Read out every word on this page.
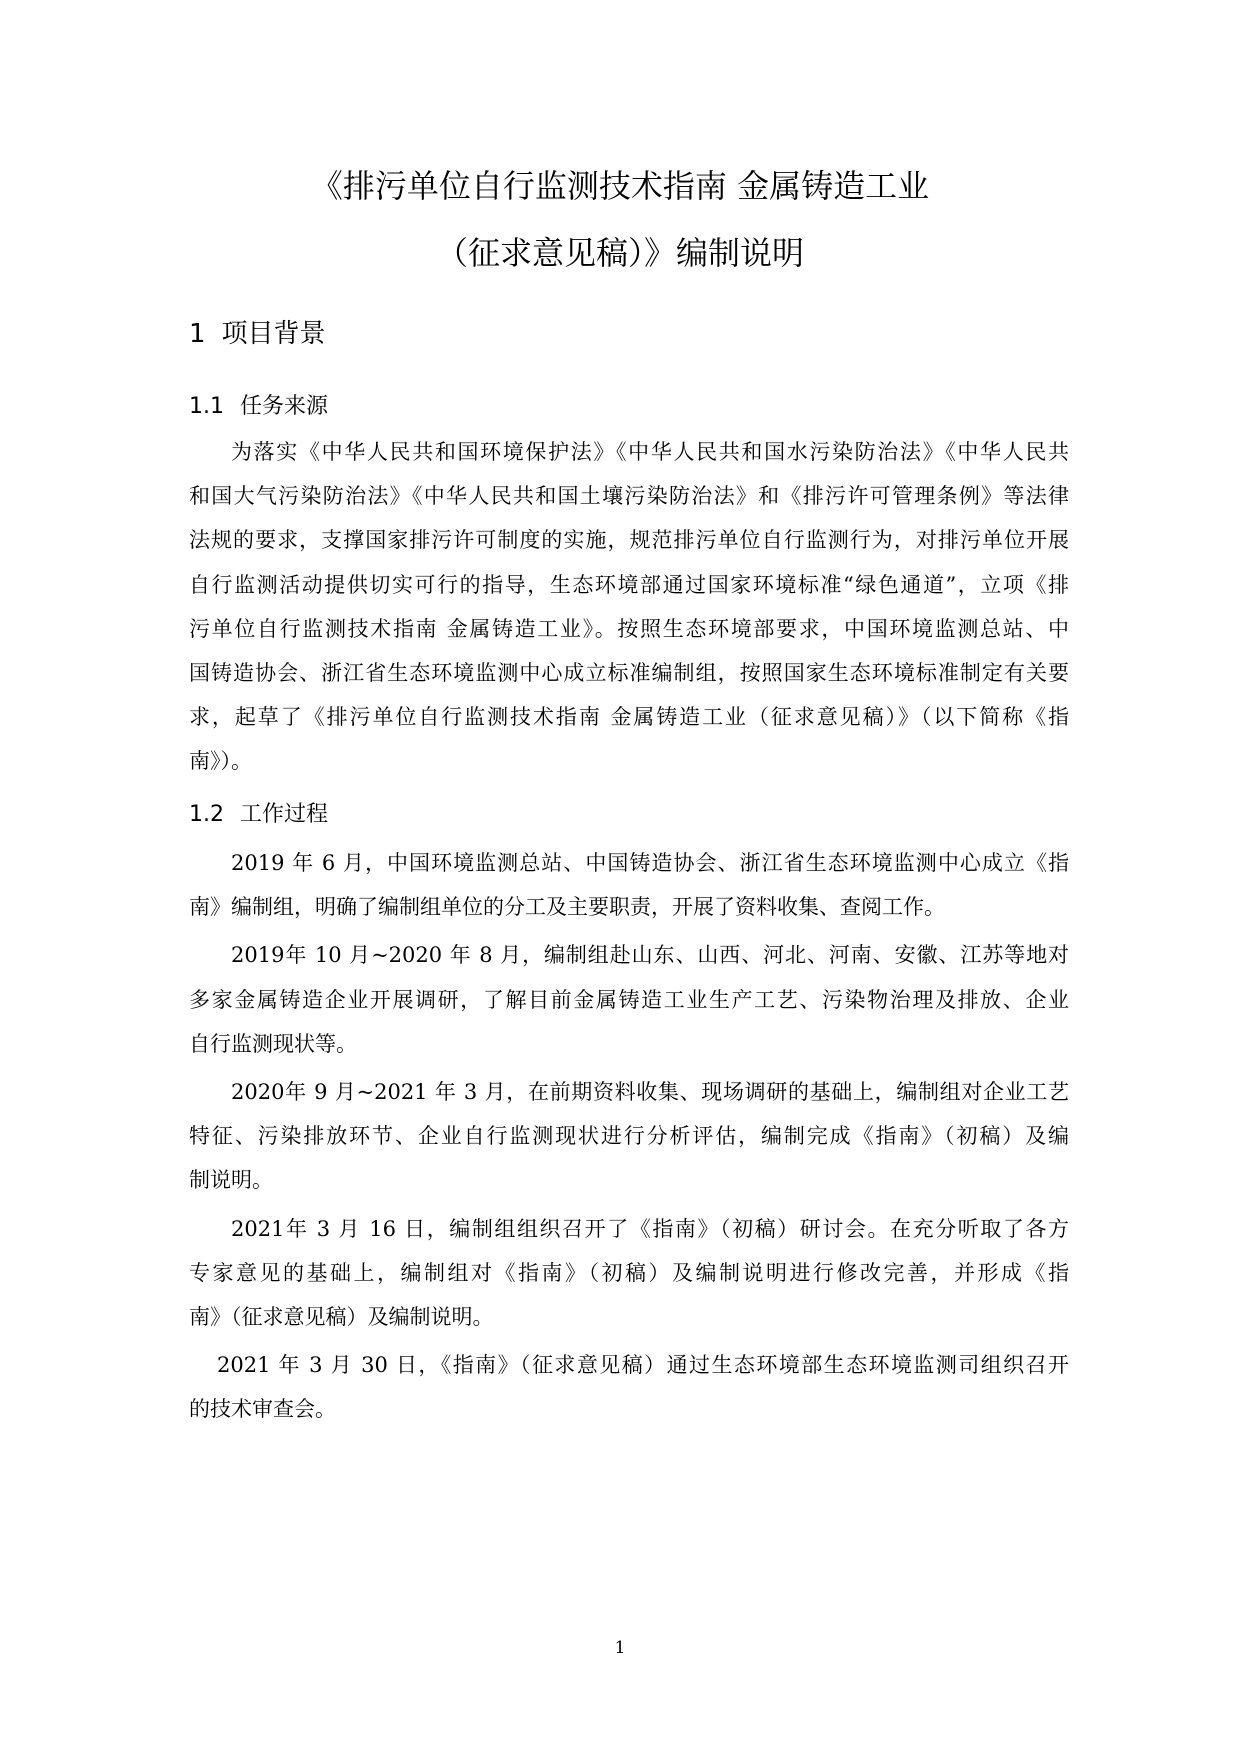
《排污单位自行监测技术指南 金属铸造工业
（征求意见稿）》编制说明
1 项目背景
1.1 任务来源
为落实《中华人民共和国环境保护法》《中华人民共和国水污染防治法》《中华人民共
和国大气污染防治法》《中华人民共和国土壤污染防治法》和《排污许可管理条例》等法律
法规的要求，支撑国家排污许可制度的实施，规范排污单位自行监测行为，对排污单位开展
自行监测活动提供切实可行的指导，生态环境部通过国家环境标准“绿色通道”，立项《排
污单位自行监测技术指南 金属铸造工业》。按照生态环境部要求，中国环境监测总站、中
国铸造协会、浙江省生态环境监测中心成立标准编制组，按照国家生态环境标准制定有关要
求，起草了《排污单位自行监测技术指南 金属铸造工业（征求意见稿）》（以下简称《指
南》）。
1.2 工作过程
2019 年 6 月，中国环境监测总站、中国铸造协会、浙江省生态环境监测中心成立《指
南》编制组，明确了编制组单位的分工及主要职责，开展了资料收集、查阅工作。
2019年 10 月~2020 年 8 月，编制组赴山东、山西、河北、河南、安徽、江苏等地对
多家金属铸造企业开展调研，了解目前金属铸造工业生产工艺、污染物治理及排放、企业
自行监测现状等。
2020年 9 月~2021 年 3 月，在前期资料收集、现场调研的基础上，编制组对企业工艺
特征、污染排放环节、企业自行监测现状进行分析评估，编制完成《指南》（初稿）及编
制说明。
2021年 3 月 16 日，编制组组织召开了《指南》（初稿）研讨会。在充分听取了各方
专家意见的基础上，编制组对《指南》（初稿）及编制说明进行修改完善，并形成《指
南》（征求意见稿）及编制说明。
2021 年 3 月 30 日，《指南》（征求意见稿）通过生态环境部生态环境监测司组织召开
的技术审查会。
1
